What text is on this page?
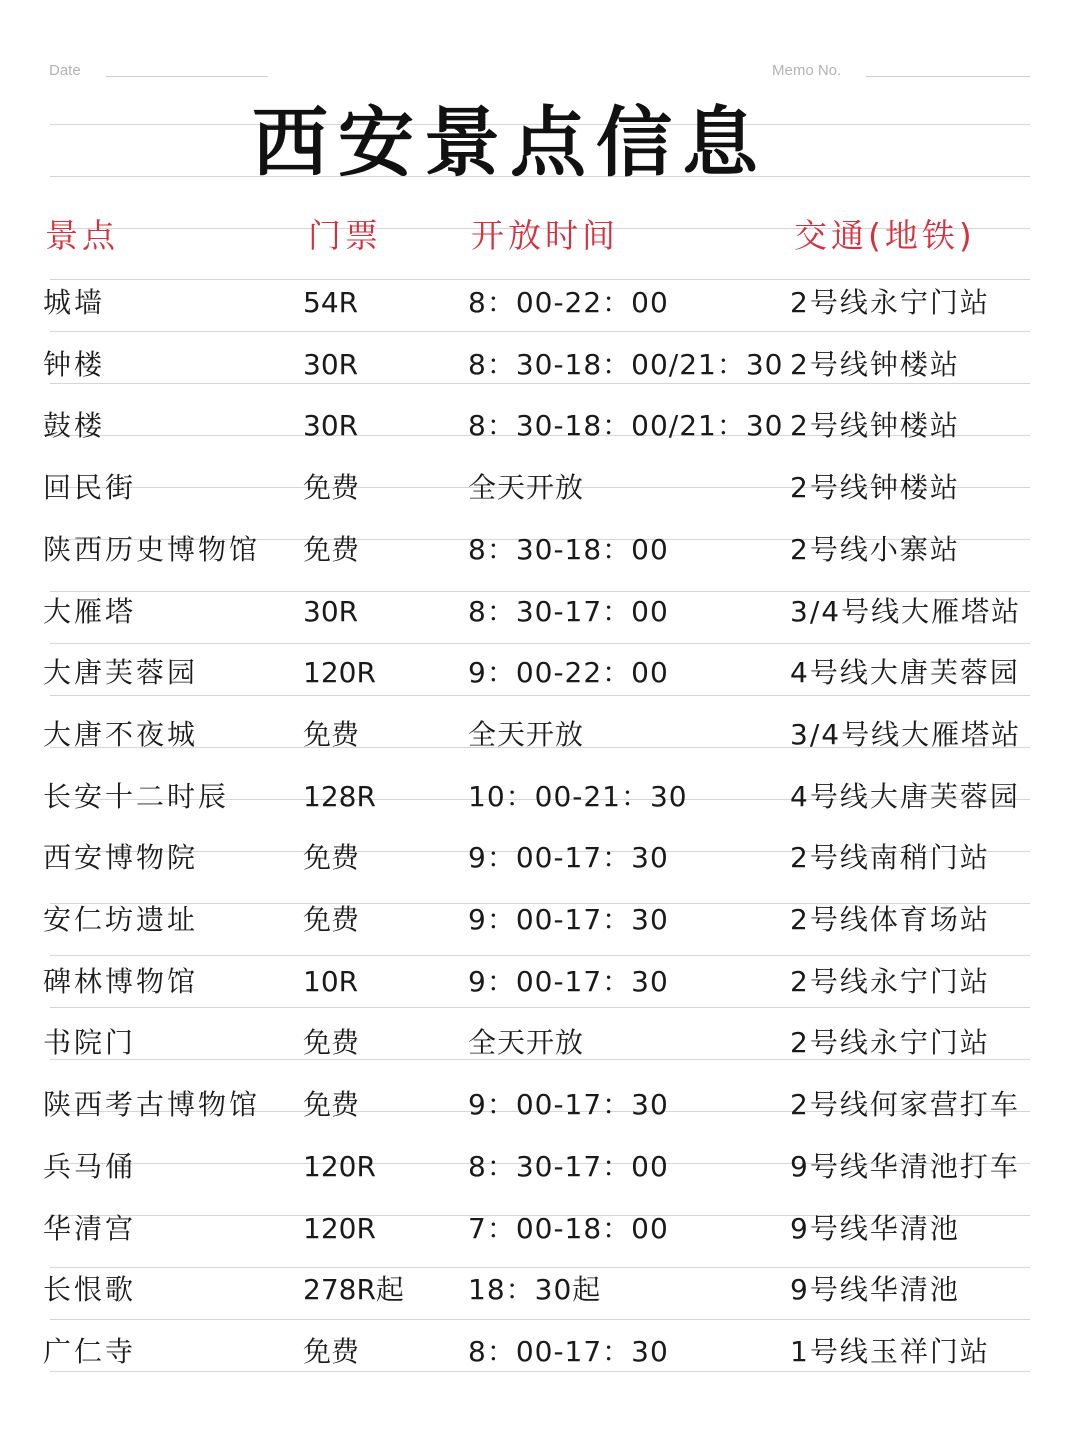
Date	Memo No.
西安景点信息
景点	门票	开放时间	交通(地铁)
城墙	54R	8：00-22：00	2号线永宁门站
钟楼	30R	8：30-18：00/21：30 2号线钟楼站
鼓楼	30R	8：30-18：00/21：30 2号线钟楼站
回民街	免费	全天开放	2号线钟楼站
陕西历史博物馆 免费	8：30-18：00	2号线小寨站
大雁塔	30R	8：30-17：00	3/4号线大雁塔站
大唐芙蓉园	120R	9：00-22：00	4号线大唐芙蓉园
大唐不夜城	免费	全天开放	3/4号线大雁塔站
长安十二时辰	128R	10：00-21：30	4号线大唐芙蓉园
西安博物院	免费	9：00-17：30	2号线南稍门站
安仁坊遗址	免费	9：00-17：30	2号线体育场站
碑林博物馆	10R	9：00-17：30	2号线永宁门站
书院门	免费	全天开放	2号线永宁门站
陕西考古博物馆 免费	9：00-17：30	2号线何家营打车
兵马俑	120R	8：30-17：00	9号线华清池打车
华清宫	120R	7：00-18：00	9号线华清池
长恨歌	278R起 18：30起	9号线华清池
广仁寺	免费	8：00-17：30	1号线玉祥门站
